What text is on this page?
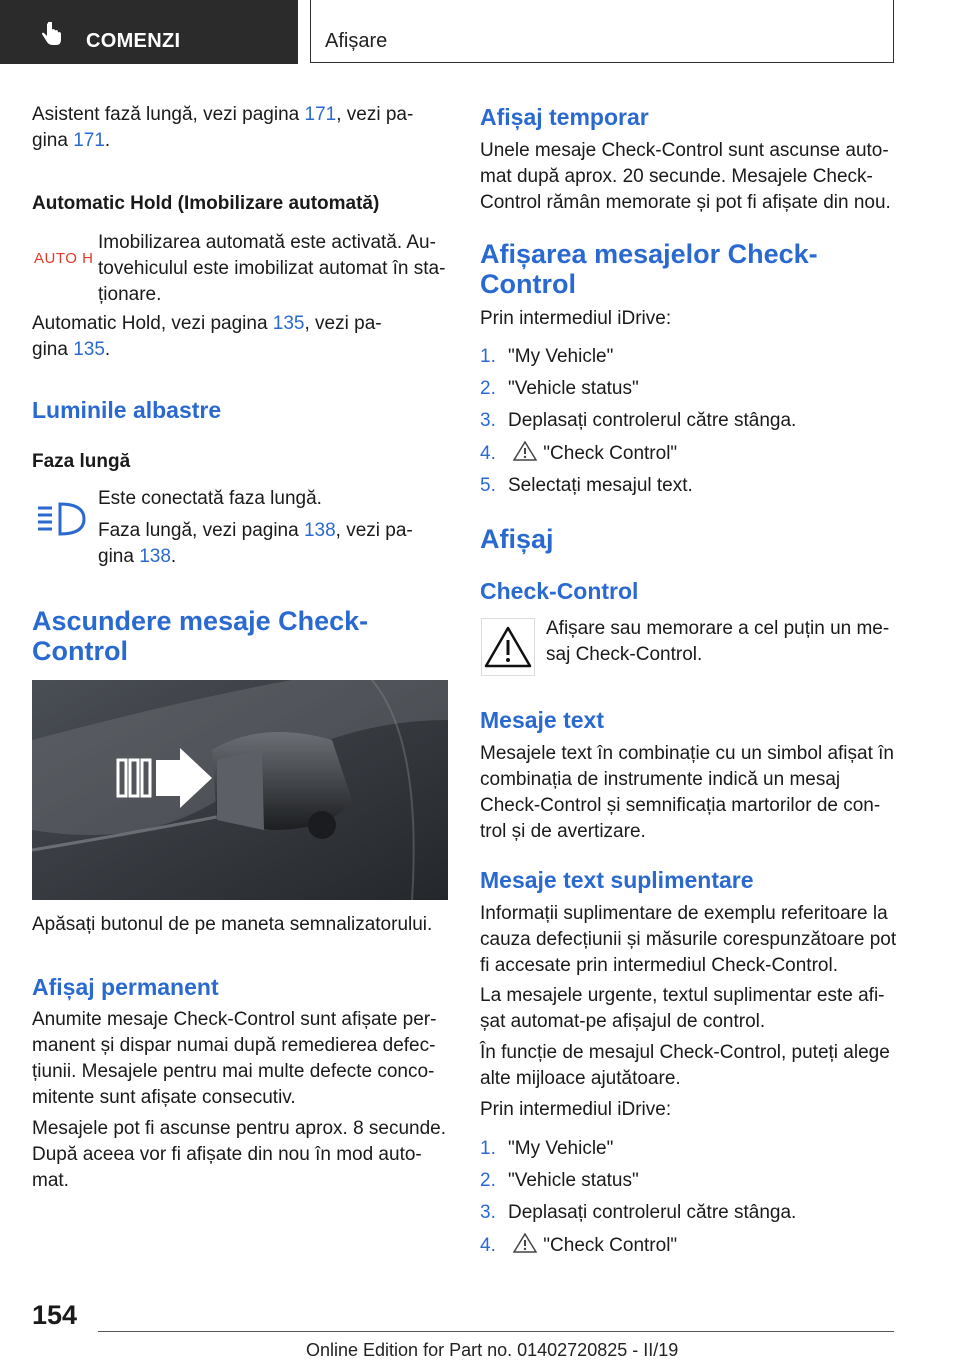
COMENZI	Afișare
Asistent fază lungă, vezi pagina 171, vezi pa-
gina 171.
Automatic Hold (Imobilizare automată)
AUTO H
Imobilizarea automată este activată. Au-
tovehiculul este imobilizat automat în sta-
ționare.
Automatic Hold, vezi pagina 135, vezi pa-
gina 135.
Luminile albastre
Faza lungă
Este conectată faza lungă.
Faza lungă, vezi pagina 138, vezi pa-
gina 138.
Ascundere mesaje Check-
Control
Apăsați butonul de pe maneta semnalizatorului.
Afișaj permanent
Anumite mesaje Check-Control sunt afișate per-
manent și dispar numai după remedierea defec-
țiunii. Mesajele pentru mai multe defecte conco-
mitente sunt afișate consecutiv.
Mesajele pot fi ascunse pentru aprox. 8 secunde.
După aceea vor fi afișate din nou în mod auto-
mat.
Afișaj temporar
Unele mesaje Check-Control sunt ascunse auto-
mat după aprox. 20 secunde. Mesajele Check-
Control rămân memorate și pot fi afișate din nou.
Afișarea mesajelor Check-
Control
Prin intermediul iDrive:
1. "My Vehicle"
2. "Vehicle status"
3. Deplasați controlerul către stânga.
4. "Check Control"
5. Selectați mesajul text.
Afișaj
Check-Control
Afișare sau memorare a cel puțin un me-
saj Check-Control.
Mesaje text
Mesajele text în combinație cu un simbol afișat în
combinația de instrumente indică un mesaj
Check-Control și semnificația martorilor de con-
trol și de avertizare.
Mesaje text suplimentare
Informații suplimentare de exemplu referitoare la
cauza defecțiunii și măsurile corespunzătoare pot
fi accesate prin intermediul Check-Control.
La mesajele urgente, textul suplimentar este afi-
șat automat-pe afișajul de control.
În funcție de mesajul Check-Control, puteți alege
alte mijloace ajutătoare.
Prin intermediul iDrive:
1. "My Vehicle"
2. "Vehicle status"
3. Deplasați controlerul către stânga.
4. "Check Control"
154
Online Edition for Part no. 01402720825 - II/19
